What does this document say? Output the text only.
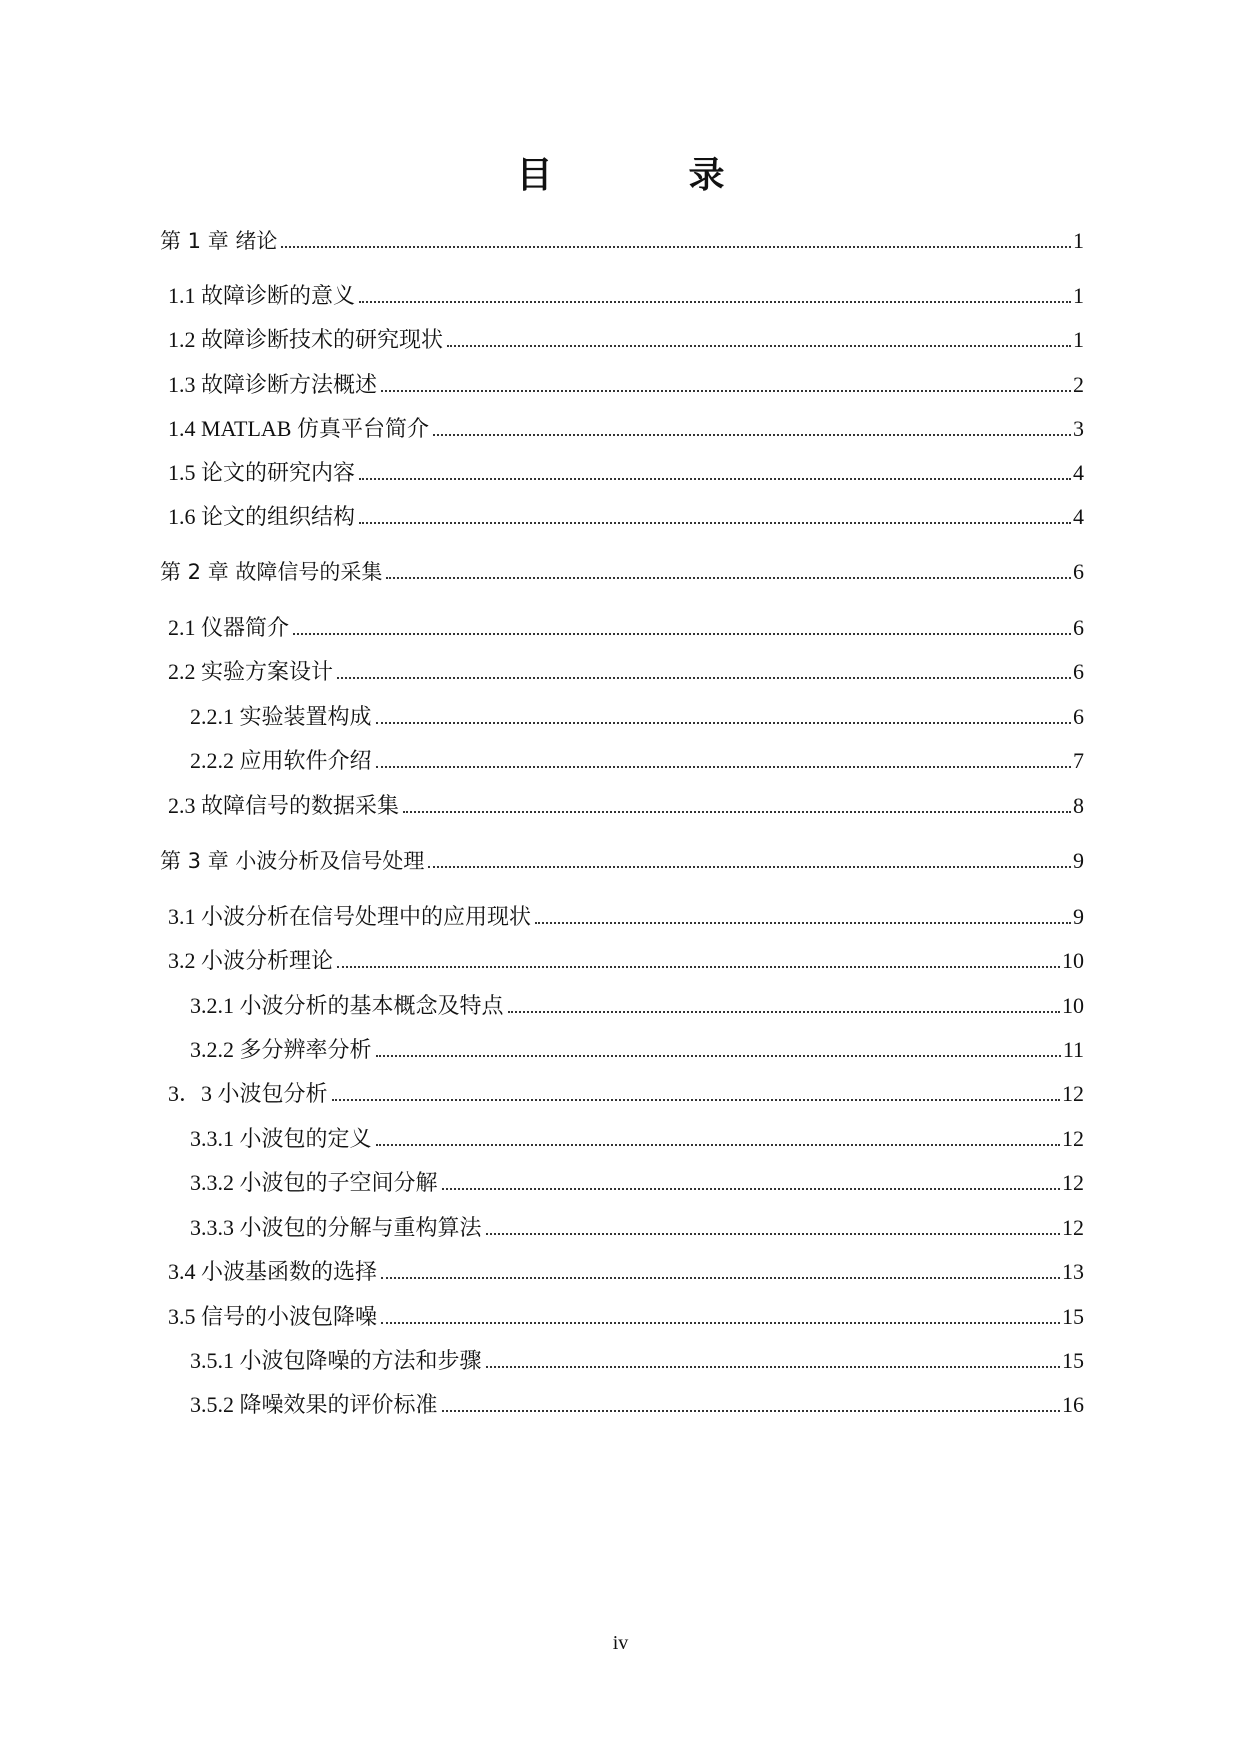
目　录
第 1 章 绪论	1
1.1 故障诊断的意义	1
1.2 故障诊断技术的研究现状	1
1.3 故障诊断方法概述	2
1.4 MATLAB 仿真平台简介	3
1.5 论文的研究内容	4
1.6 论文的组织结构	4
第 2 章 故障信号的采集	6
2.1 仪器简介	6
2.2 实验方案设计	6
2.2.1 实验装置构成	6
2.2.2 应用软件介绍	7
2.3 故障信号的数据采集	8
第 3 章 小波分析及信号处理	9
3.1 小波分析在信号处理中的应用现状	9
3.2 小波分析理论	10
3.2.1 小波分析的基本概念及特点	10
3.2.2 多分辨率分析	11
3．3 小波包分析	12
3.3.1 小波包的定义	12
3.3.2 小波包的子空间分解	12
3.3.3 小波包的分解与重构算法	12
3.4 小波基函数的选择	13
3.5 信号的小波包降噪	15
3.5.1 小波包降噪的方法和步骤	15
3.5.2 降噪效果的评价标准	16
iv
